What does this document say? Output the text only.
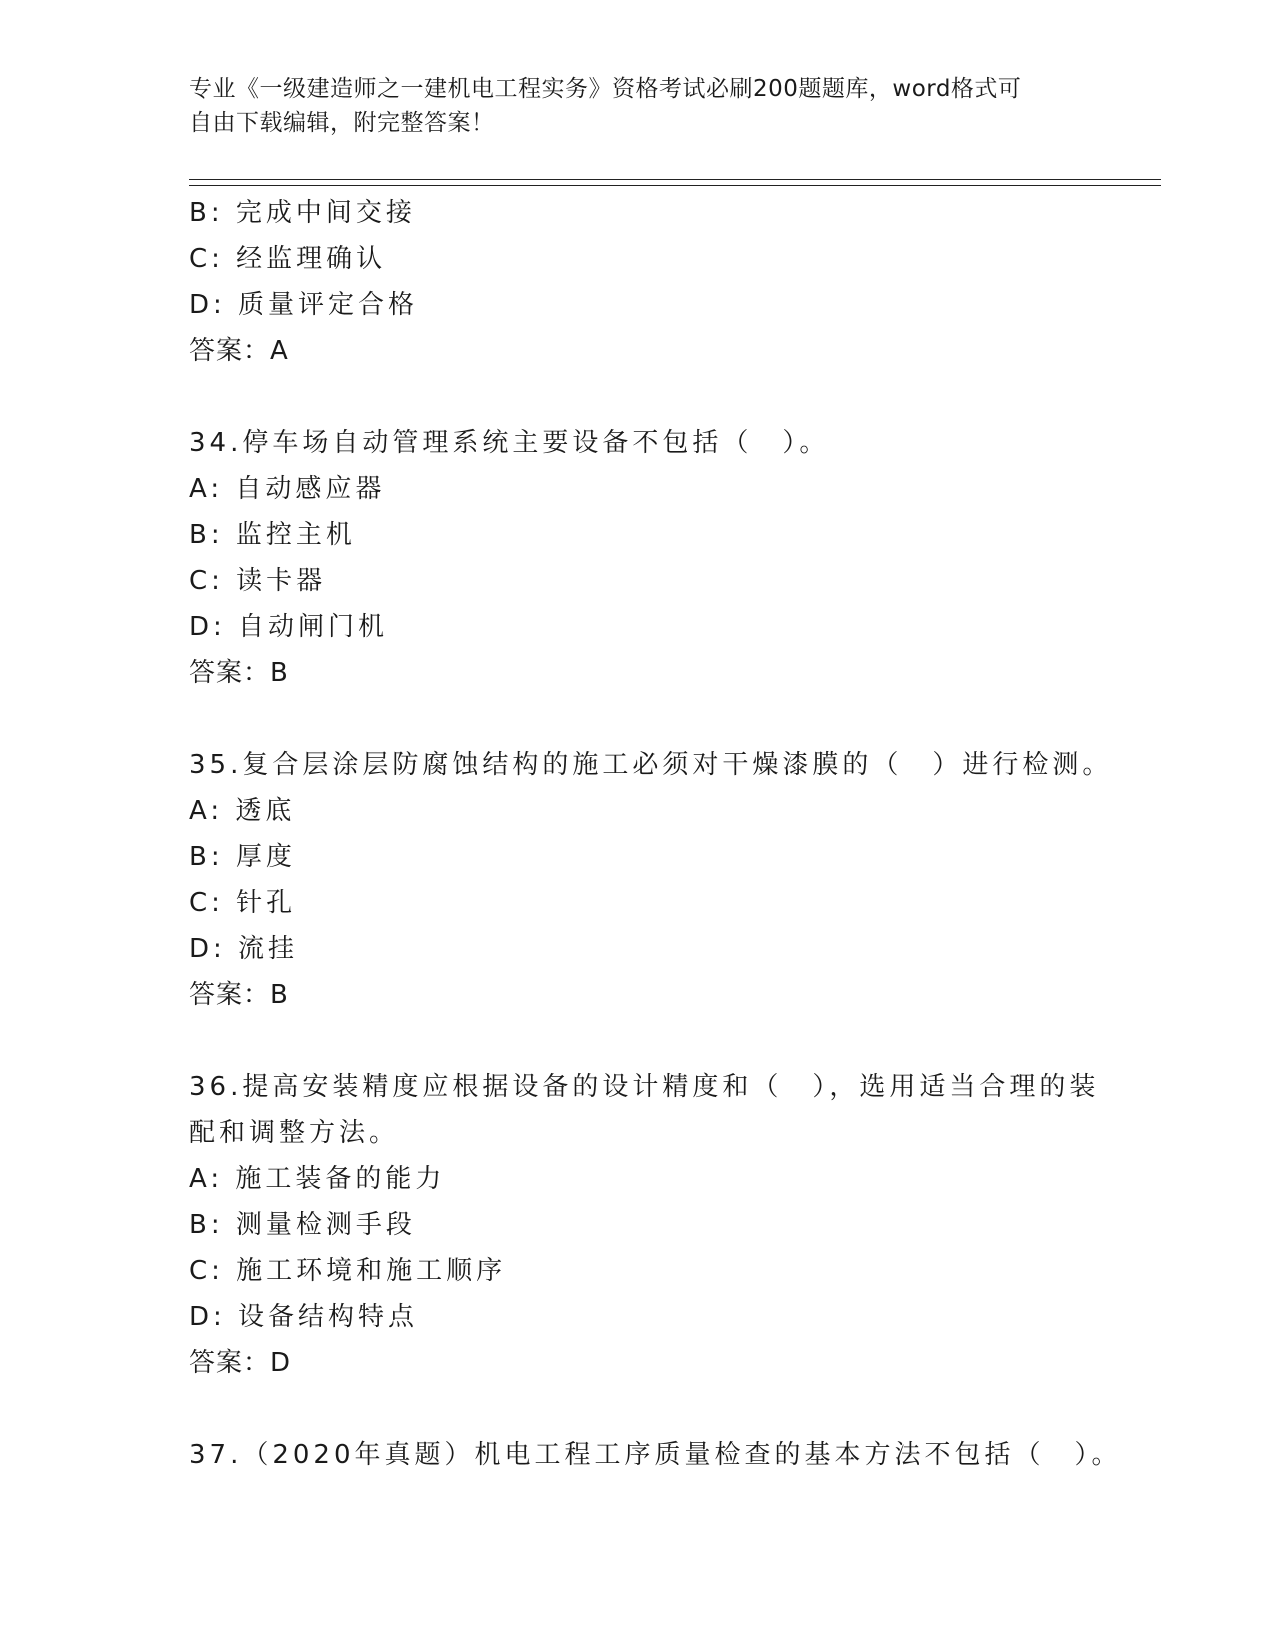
专业《一级建造师之一建机电工程实务》资格考试必刷200题题库，word格式可
自由下载编辑，附完整答案！
B: 完成中间交接
C: 经监理确认
D: 质量评定合格
答案：A
34.停车场自动管理系统主要设备不包括（　）。
A: 自动感应器
B: 监控主机
C: 读卡器
D: 自动闸门机
答案：B
35.复合层涂层防腐蚀结构的施工必须对干燥漆膜的（　）进行检测。
A: 透底
B: 厚度
C: 针孔
D: 流挂
答案：B
36.提高安装精度应根据设备的设计精度和（　），选用适当合理的装
配和调整方法。
A: 施工装备的能力
B: 测量检测手段
C: 施工环境和施工顺序
D: 设备结构特点
答案：D
37.（2020年真题）机电工程工序质量检查的基本方法不包括（　）。
